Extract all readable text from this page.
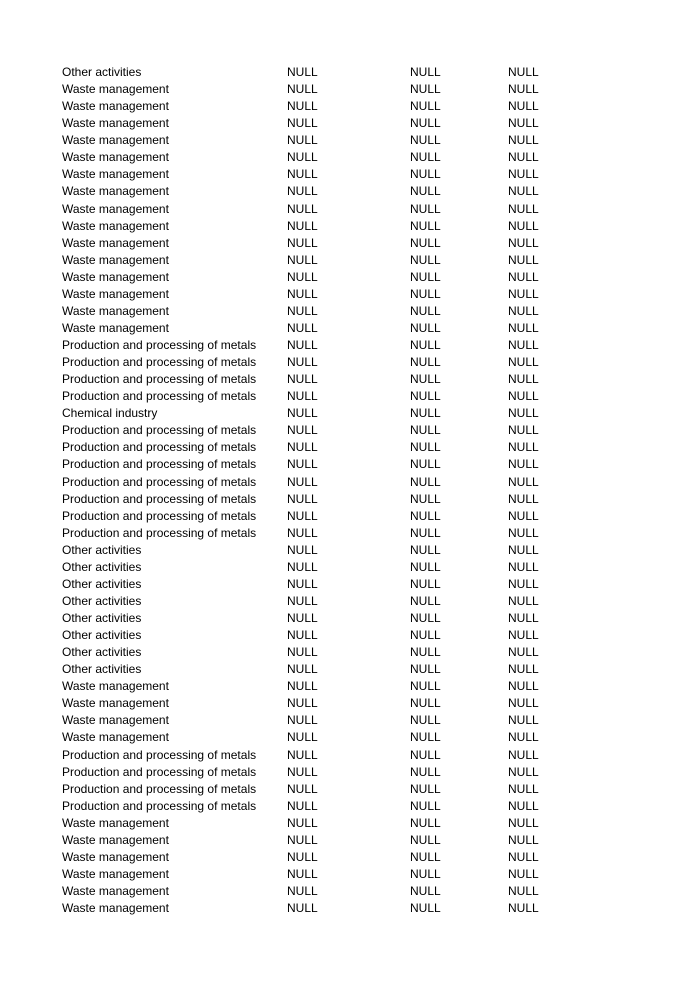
Other activities	NULL	NULL	NULL
Waste management	NULL	NULL	NULL
Waste management	NULL	NULL	NULL
Waste management	NULL	NULL	NULL
Waste management	NULL	NULL	NULL
Waste management	NULL	NULL	NULL
Waste management	NULL	NULL	NULL
Waste management	NULL	NULL	NULL
Waste management	NULL	NULL	NULL
Waste management	NULL	NULL	NULL
Waste management	NULL	NULL	NULL
Waste management	NULL	NULL	NULL
Waste management	NULL	NULL	NULL
Waste management	NULL	NULL	NULL
Waste management	NULL	NULL	NULL
Waste management	NULL	NULL	NULL
Production and processing of metals	NULL	NULL	NULL
Production and processing of metals	NULL	NULL	NULL
Production and processing of metals	NULL	NULL	NULL
Production and processing of metals	NULL	NULL	NULL
Chemical industry	NULL	NULL	NULL
Production and processing of metals	NULL	NULL	NULL
Production and processing of metals	NULL	NULL	NULL
Production and processing of metals	NULL	NULL	NULL
Production and processing of metals	NULL	NULL	NULL
Production and processing of metals	NULL	NULL	NULL
Production and processing of metals	NULL	NULL	NULL
Production and processing of metals	NULL	NULL	NULL
Other activities	NULL	NULL	NULL
Other activities	NULL	NULL	NULL
Other activities	NULL	NULL	NULL
Other activities	NULL	NULL	NULL
Other activities	NULL	NULL	NULL
Other activities	NULL	NULL	NULL
Other activities	NULL	NULL	NULL
Other activities	NULL	NULL	NULL
Waste management	NULL	NULL	NULL
Waste management	NULL	NULL	NULL
Waste management	NULL	NULL	NULL
Waste management	NULL	NULL	NULL
Production and processing of metals	NULL	NULL	NULL
Production and processing of metals	NULL	NULL	NULL
Production and processing of metals	NULL	NULL	NULL
Production and processing of metals	NULL	NULL	NULL
Waste management	NULL	NULL	NULL
Waste management	NULL	NULL	NULL
Waste management	NULL	NULL	NULL
Waste management	NULL	NULL	NULL
Waste management	NULL	NULL	NULL
Waste management	NULL	NULL	NULL
